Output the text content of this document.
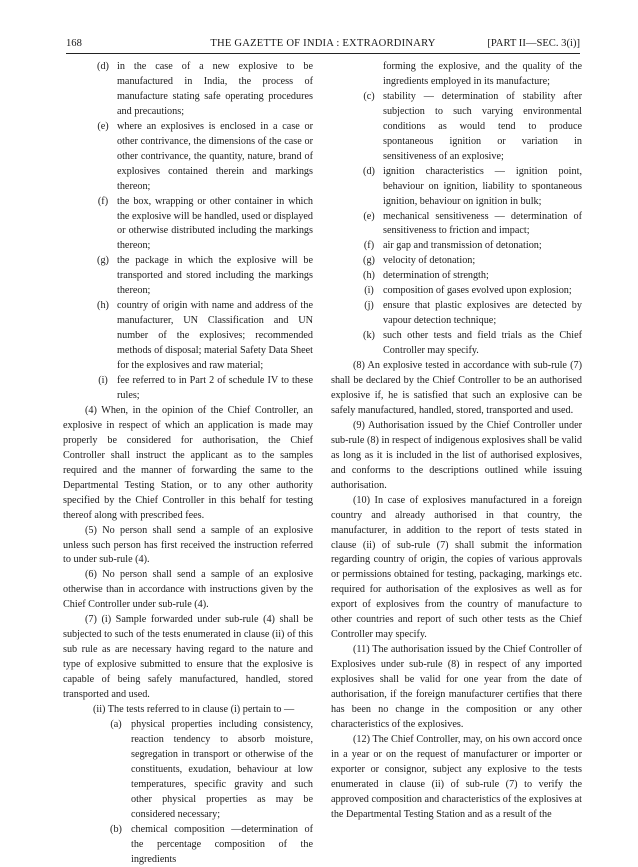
168	THE GAZETTE OF INDIA : EXTRAORDINARY	[PART II—SEC. 3(i)]
(d) in the case of a new explosive to be manufactured in India, the process of manufacture stating safe operating procedures and precautions;
(e) where an explosives is enclosed in a case or other contrivance, the dimensions of the case or other contrivance, the quantity, nature, brand of explosives contained therein and markings thereon;
(f) the box, wrapping or other container in which the explosive will be handled, used or displayed or otherwise distributed including the markings thereon;
(g) the package in which the explosive will be transported and stored including the markings thereon;
(h) country of origin with name and address of the manufacturer, UN Classification and UN number of the explosives; recommended methods of disposal; material Safety Data Sheet for the explosives and raw material;
(i) fee referred to in Part 2 of schedule IV to these rules;

(4) When, in the opinion of the Chief Controller, an explosive in respect of which an application is made may properly be considered for authorisation, the Chief Controller shall instruct the applicant as to the samples required and the manner of forwarding the same to the Departmental Testing Station, or to any other authority specified by the Chief Controller in this behalf for testing thereof along with prescribed fees.

(5) No person shall send a sample of an explosive unless such person has first received the instruction referred to under sub-rule (4).

(6) No person shall send a sample of an explosive otherwise than in accordance with instructions given by the Chief Controller under sub-rule (4).

(7) (i) Sample forwarded under sub-rule (4) shall be subjected to such of the tests enumerated in clause (ii) of this sub rule as are necessary having regard to the nature and type of explosive submitted to ensure that the explosive is capable of being safely manufactured, handled, stored transported and used.

(ii) The tests referred to in clause (i) pertain to —

(a) physical properties including consistency, reaction tendency to absorb moisture, segregation in transport or otherwise of the constituents, exudation, behaviour at low temperatures, specific gravity and such other physical properties as may be considered necessary;
(b) chemical composition —determination of the percentage composition of the ingredients

forming the explosive, and the quality of the ingredients employed in its manufacture;

(c) stability — determination of stability after subjection to such varying environmental conditions as would tend to produce spontaneous ignition or variation in sensitiveness of an explosive;
(d) ignition characteristics — ignition point, behaviour on ignition, liability to spontaneous ignition, behaviour on ignition in bulk;
(e) mechanical sensitiveness — determination of sensitiveness to friction and impact;
(f) air gap and transmission of detonation;
(g) velocity of detonation;
(h) determination of strength;
(i) composition of gases evolved upon explosion;
(j) ensure that plastic explosives are detected by vapour detection technique;
(k) such other tests and field trials as the Chief Controller may specify.

(8) An explosive tested in accordance with sub-rule (7) shall be declared by the Chief Controller to be an authorised explosive if, he is satisfied that such an explosive can be safely manufactured, handled, stored, transported and used.

(9) Authorisation issued by the Chief Controller under sub-rule (8) in respect of indigenous explosives shall be valid as long as it is included in the list of authorised explosives, and conforms to the descriptions outlined while issuing authorisation.

(10) In case of explosives manufactured in a foreign country and already authorised in that country, the manufacturer, in addition to the report of tests stated in clause (ii) of sub-rule (7) shall submit the information regarding country of origin, the copies of various approvals or permissions obtained for testing, packaging, markings etc. required for authorisation of the explosives as well as for export of explosives from the country of manufacture to other countries and report of such other tests as the Chief Controller may specify.

(11) The authorisation issued by the Chief Controller of Explosives under sub-rule (8) in respect of any imported explosives shall be valid for one year from the date of authorisation, if the foreign manufacturer certifies that there has been no change in the composition or any other characteristics of the explosives.

(12) The Chief Controller, may, on his own accord once in a year or on the request of manufacturer or importer or exporter or consignor, subject any explosive to the tests enumerated in clause (ii) of sub-rule (7) to verify the approved composition and characteristics of the explosives at the Departmental Testing Station and as a result of the
